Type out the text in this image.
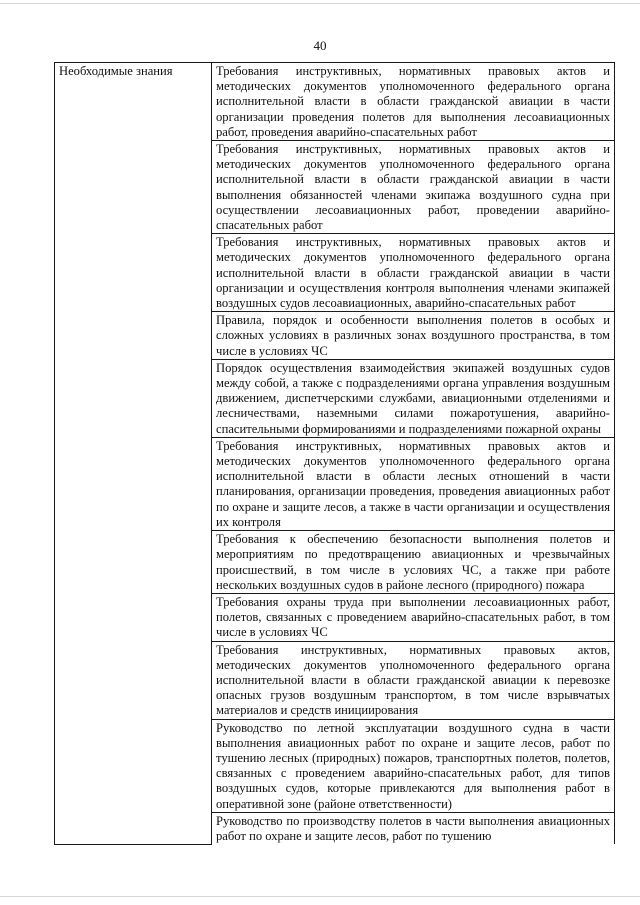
40
Необходимые знания	Требования инструктивных, нормативных правовых актов и методических документов уполномоченного федерального органа исполнительной власти в области гражданской авиации в части организации проведения полетов для выполнения лесоавиационных работ, проведения аварийно-спасательных работ
Требования инструктивных, нормативных правовых актов и методических документов уполномоченного федерального органа исполнительной власти в области гражданской авиации в части выполнения обязанностей членами экипажа воздушного судна при осуществлении лесоавиационных работ, проведении аварийно-спасательных работ
Требования инструктивных, нормативных правовых актов и методических документов уполномоченного федерального органа исполнительной власти в области гражданской авиации в части организации и осуществления контроля выполнения членами экипажей воздушных судов лесоавиационных, аварийно-спасательных работ
Правила, порядок и особенности выполнения полетов в особых и сложных условиях в различных зонах воздушного пространства, в том числе в условиях ЧС
Порядок осуществления взаимодействия экипажей воздушных судов между собой, а также с подразделениями органа управления воздушным движением, диспетчерскими службами, авиационными отделениями и лесничествами, наземными силами пожаротушения, аварийно-спасительными формированиями и подразделениями пожарной охраны
Требования инструктивных, нормативных правовых актов и методических документов уполномоченного федерального органа исполнительной власти в области лесных отношений в части планирования, организации проведения, проведения авиационных работ по охране и защите лесов, а также в части организации и осуществления их контроля
Требования к обеспечению безопасности выполнения полетов и мероприятиям по предотвращению авиационных и чрезвычайных происшествий, в том числе в условиях ЧС, а также при работе нескольких воздушных судов в районе лесного (природного) пожара
Требования охраны труда при выполнении лесоавиационных работ, полетов, связанных с проведением аварийно-спасательных работ, в том числе в условиях ЧС
Требования инструктивных, нормативных правовых актов, методических документов уполномоченного федерального органа исполнительной власти в области гражданской авиации к перевозке опасных грузов воздушным транспортом, в том числе взрывчатых материалов и средств инициирования
Руководство по летной эксплуатации воздушного судна в части выполнения авиационных работ по охране и защите лесов, работ по тушению лесных (природных) пожаров, транспортных полетов, полетов, связанных с проведением аварийно-спасательных работ, для типов воздушных судов, которые привлекаются для выполнения работ в оперативной зоне (районе ответственности)
Руководство по производству полетов в части выполнения авиационных работ по охране и защите лесов, работ по тушению
